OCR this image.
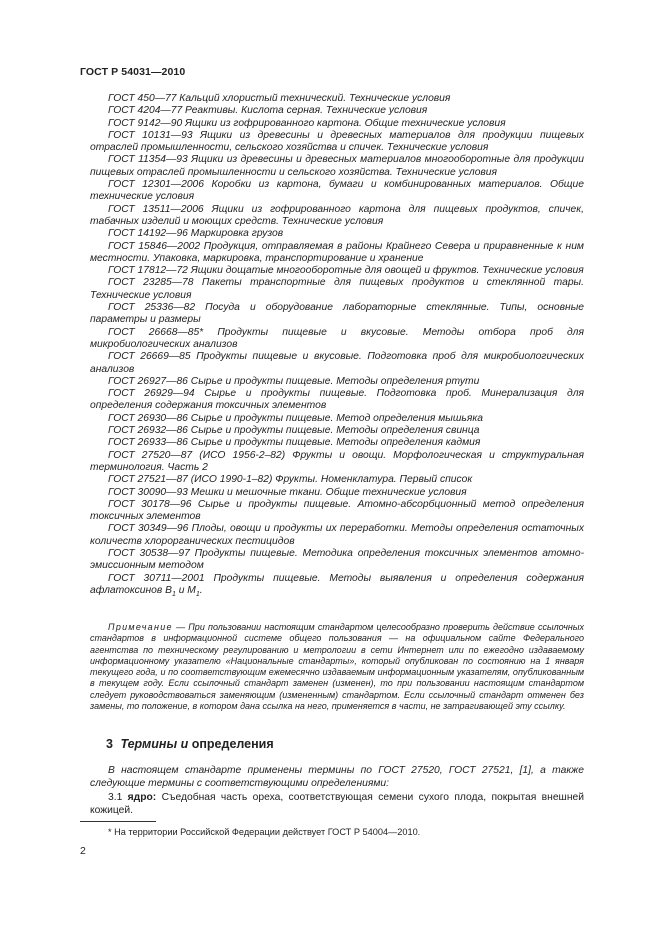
ГОСТ Р 54031—2010

ГОСТ 450—77 Кальций хлористый технический. Технические условия

ГОСТ 4204—77 Реактивы. Кислота серная. Технические условия

ГОСТ 9142—90 Ящики из гофрированного картона. Общие технические условия

ГОСТ 10131—93 Ящики из древесины и древесных материалов для продукции пищевых отраслей промышленности, сельского хозяйства и спичек. Технические условия

ГОСТ 11354—93 Ящики из древесины и древесных материалов многооборотные для продукции пищевых отраслей промышленности и сельского хозяйства. Технические условия

ГОСТ 12301—2006 Коробки из картона, бумаги и комбинированных материалов. Общие технические условия

ГОСТ 13511—2006 Ящики из гофрированного картона для пищевых продуктов, спичек, табачных изделий и моющих средств. Технические условия

ГОСТ 14192—96 Маркировка грузов

ГОСТ 15846—2002 Продукция, отправляемая в районы Крайнего Севера и приравненные к ним местности. Упаковка, маркировка, транспортирование и хранение

ГОСТ 17812—72 Ящики дощатые многооборотные для овощей и фруктов. Технические условия

ГОСТ 23285—78 Пакеты транспортные для пищевых продуктов и стеклянной тары. Технические условия

ГОСТ 25336—82 Посуда и оборудование лабораторные стеклянные. Типы, основные параметры и размеры

ГОСТ 26668—85* Продукты пищевые и вкусовые. Методы отбора проб для микробиологических анализов

ГОСТ 26669—85 Продукты пищевые и вкусовые. Подготовка проб для микробиологических анализов

ГОСТ 26927—86 Сырье и продукты пищевые. Методы определения ртути

ГОСТ 26929—94 Сырье и продукты пищевые. Подготовка проб. Минерализация для определения содержания токсичных элементов

ГОСТ 26930—86 Сырье и продукты пищевые. Метод определения мышьяка

ГОСТ 26932—86 Сырье и продукты пищевые. Методы определения свинца

ГОСТ 26933—86 Сырье и продукты пищевые. Методы определения кадмия

ГОСТ 27520—87 (ИСО 1956-2–82) Фрукты и овощи. Морфологическая и структуральная терминология. Часть 2

ГОСТ 27521—87 (ИСО 1990-1–82) Фрукты. Номенклатура. Первый список

ГОСТ 30090—93 Мешки и мешочные ткани. Общие технические условия

ГОСТ 30178—96 Сырье и продукты пищевые. Атомно-абсорбционный метод определения токсичных элементов

ГОСТ 30349—96 Плоды, овощи и продукты их переработки. Методы определения остаточных количеств хлорорганических пестицидов

ГОСТ 30538—97 Продукты пищевые. Методика определения токсичных элементов атомно-эмиссионным методом

ГОСТ 30711—2001 Продукты пищевые. Методы выявления и определения содержания афлатоксинов $В_1$ и $М_1$.

Примечание — При пользовании настоящим стандартом целесообразно проверить действие ссылочных стандартов в информационной системе общего пользования — на официальном сайте Федерального агентства по техническому регулированию и метрологии в сети Интернет или по ежегодно издаваемому информационному указателю «Национальные стандарты», который опубликован по состоянию на 1 января текущего года, и по соответствующим ежемесячно издаваемым информационным указателям, опубликованным в текущем году. Если ссылочный стандарт заменен (изменен), то при пользовании настоящим стандартом следует руководствоваться заменяющим (измененным) стандартом. Если ссылочный стандарт отменен без замены, то положение, в котором дана ссылка на него, применяется в части, не затрагивающей эту ссылку.
3 Термины и определения

В настоящем стандарте применены термины по ГОСТ 27520, ГОСТ 27521, [1], а также следующие термины с соответствующими определениями:

3.1 ядро: Съедобная часть ореха, соответствующая семени сухого плода, покрытая внешней кожицей.

* На территории Российской Федерации действует ГОСТ Р 54004—2010.
2
